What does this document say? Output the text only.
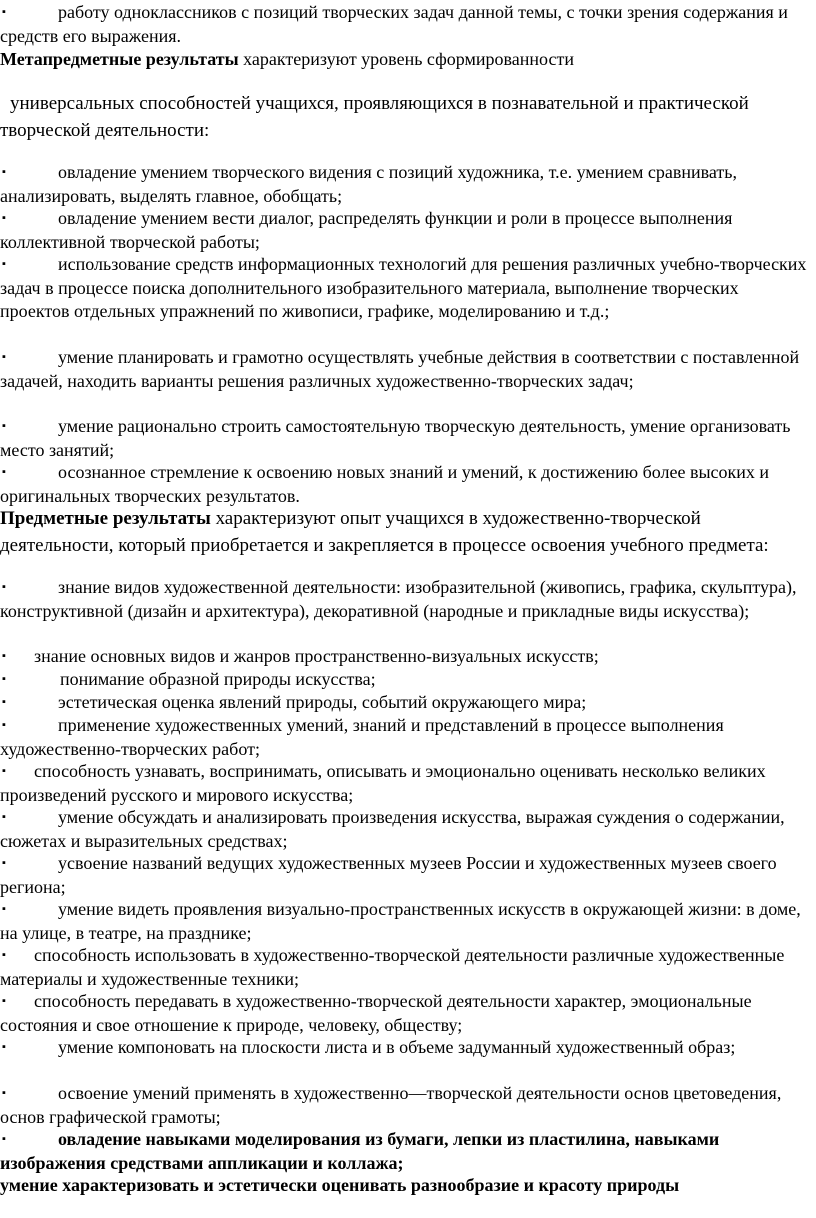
▪	работу одноклассников с позиций творческих задач данной темы, с точки зрения содержания и средств его выражения.
Метапредметные результаты характеризуют уровень сформированности
универсальных способностей учащихся, проявляющихся в познавательной и практической творческой деятельности:
▪	овладение умением творческого видения с позиций художника, т.е. умением сравнивать, анализировать, выделять главное, обобщать;
▪	овладение умением вести диалог, распределять функции и роли в процессе выполнения коллективной творческой работы;
▪	использование средств информационных технологий для решения различных учебно-творческих задач в процессе поиска дополнительного изобразительного материала, выполнение творческих проектов отдельных упражнений по живописи, графике, моделированию и т.д.;
▪	умение планировать и грамотно осуществлять учебные действия в соответствии с поставленной задачей, находить варианты решения различных художественно-творческих задач;
▪	умение рационально строить самостоятельную творческую деятельность, умение организовать место занятий;
▪	осознанное стремление к освоению новых знаний и умений, к достижению более высоких и оригинальных творческих результатов.
Предметные результаты характеризуют опыт учащихся в художественно-творческой деятельности, который приобретается и закрепляется в процессе освоения учебного предмета:
▪	знание видов художественной деятельности: изобразительной (живопись, графика, скульптура), конструктивной (дизайн и архитектура), декоративной (народные и прикладные виды искусства);
▪	знание основных видов и жанров пространственно-визуальных искусств;
▪	понимание образной природы искусства;
▪	эстетическая оценка явлений природы, событий окружающего мира;
▪	применение художественных умений, знаний и представлений в процессе выполнения художественно-творческих работ;
▪	способность узнавать, воспринимать, описывать и эмоционально оценивать несколько великих произведений русского и мирового искусства;
▪	умение обсуждать и анализировать произведения искусства, выражая суждения о содержании, сюжетах и выразительных средствах;
▪	усвоение названий ведущих художественных музеев России и художественных музеев своего региона;
▪	умение видеть проявления визуально-пространственных искусств в окружающей жизни: в доме, на улице, в театре, на празднике;
▪	способность использовать в художественно-творческой деятельности различные художественные материалы и художественные техники;
▪	способность передавать в художественно-творческой деятельности характер, эмоциональные состояния и свое отношение к природе, человеку, обществу;
▪	умение компоновать на плоскости листа и в объеме задуманный художественный образ;
▪	освоение умений применять в художественно—творческой деятельности основ цветоведения, основ графической грамоты;
▪	овладение навыками моделирования из бумаги, лепки из пластилина, навыками изображения средствами аппликации и коллажа;
умение характеризовать и эстетически оценивать разнообразие и красоту природы
